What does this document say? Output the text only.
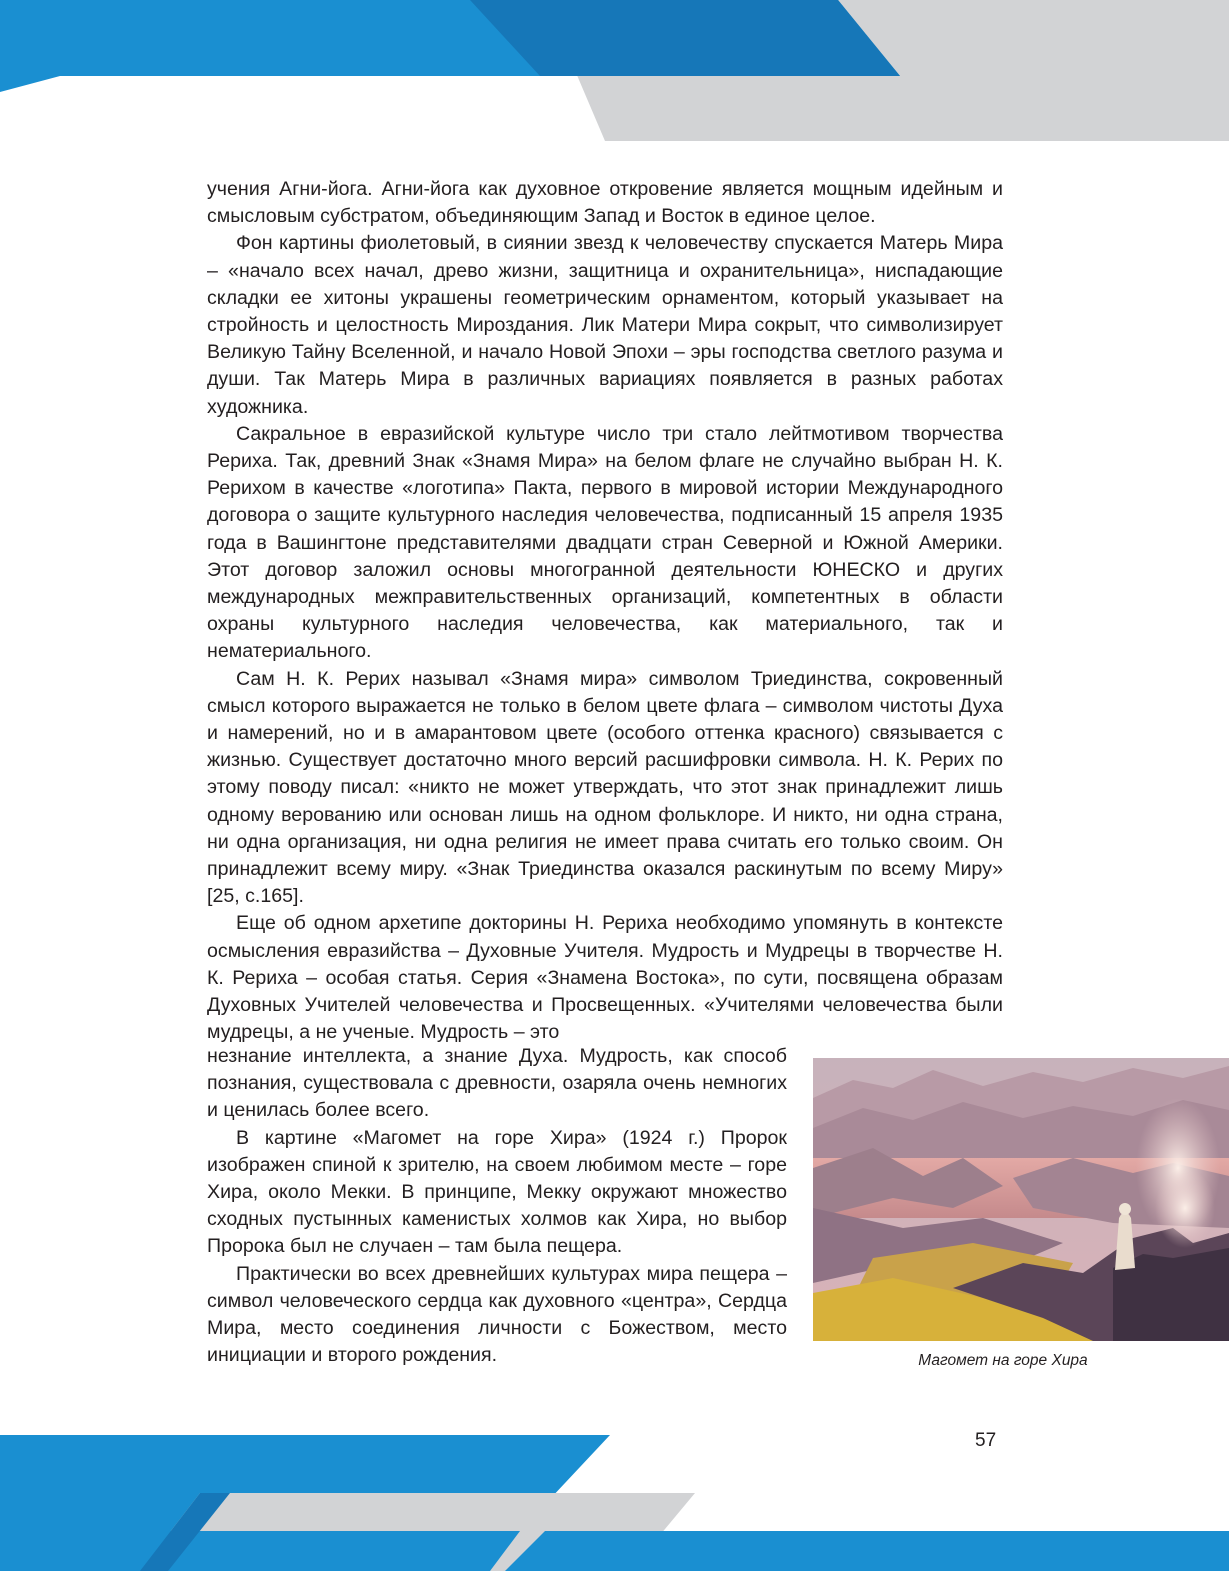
учения Агни-йога. Агни-йога как духовное откровение является мощным идейным и смысловым субстратом, объединяющим Запад и Восток в единое целое.

Фон картины фиолетовый, в сиянии звезд к человечеству спускается Матерь Мира – «начало всех начал, древо жизни, защитница и охранительница», ниспадающие складки ее хитоны украшены геометрическим орнаментом, который указывает на стройность и целостность Мироздания. Лик Матери Мира сокрыт, что символизирует Великую Тайну Вселенной, и начало Новой Эпохи – эры господства светлого разума и души. Так Матерь Мира в различных вариациях появляется в разных работах художника.

Сакральное в евразийской культуре число три стало лейтмотивом творчества Рериха. Так, древний Знак «Знамя Мира» на белом флаге не случайно выбран Н. К. Рерихом в качестве «логотипа» Пакта, первого в мировой истории Международного договора о защите культурного наследия человечества, подписанный 15 апреля 1935 года в Вашингтоне представителями двадцати стран Северной и Южной Америки. Этот договор заложил основы многогранной деятельности ЮНЕСКО и других международных межправительственных организаций, компетентных в области охраны культурного наследия человечества, как материального, так и нематериального.

Сам Н. К. Рерих называл «Знамя мира» символом Триединства, сокровенный смысл которого выражается не только в белом цвете флага – символом чистоты Духа и намерений, но и в амарантовом цвете (особого оттенка красного) связывается с жизнью. Существует достаточно много версий расшифровки символа. Н. К. Рерих по этому поводу писал: «никто не может утверждать, что этот знак принадлежит лишь одному верованию или основан лишь на одном фольклоре. И никто, ни одна страна, ни одна организация, ни одна религия не имеет права считать его только своим. Он принадлежит всему миру. «Знак Триединства оказался раскинутым по всему Миру» [25, с.165].

Еще об одном архетипе докторины Н. Рериха необходимо упомянуть в контексте осмысления евразийства – Духовные Учителя. Мудрость и Мудрецы в творчестве Н. К. Рериха – особая статья. Серия «Знамена Востока», по сути, посвящена образам Духовных Учителей человечества и Просвещенных. «Учителями человечества были мудрецы, а не ученые. Мудрость – это

незнание интеллекта, а знание Духа. Мудрость, как способ познания, существовала с древности, озаряла очень немногих и ценилась более всего.

В картине «Магомет на горе Хира» (1924 г.) Пророк изображен спиной к зрителю, на своем любимом месте – горе Хира, около Мекки. В принципе, Мекку окружают множество сходных пустынных каменистых холмов как Хира, но выбор Пророка был не случаен – там была пещера.

Практически во всех древнейших культурах мира пещера – символ человеческого сердца как духовного «центра», Сердца Мира, место соединения личности с Божеством, место инициации и второго рождения.	Магомет на горе Хира
57
